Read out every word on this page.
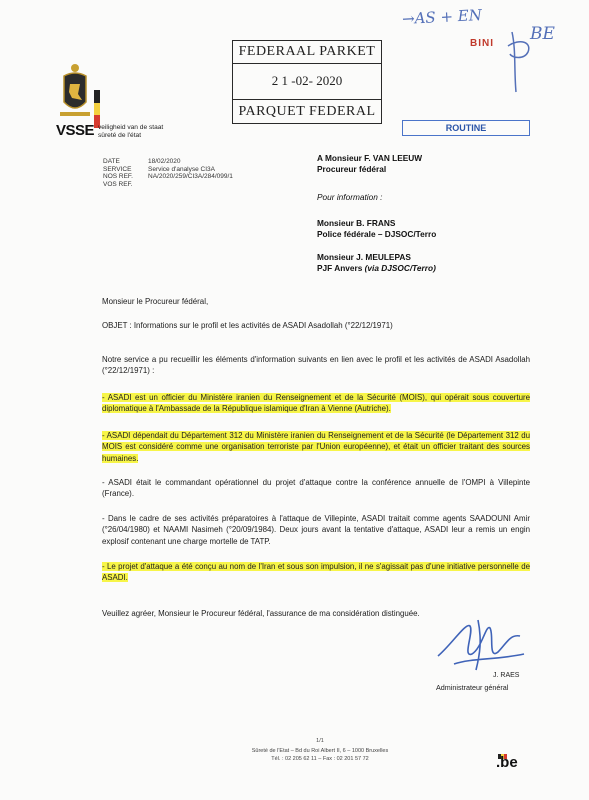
→AS + EN
BINI BE
FEDERAAL PARKET
2 1 -02- 2020
PARQUET FEDERAL
ROUTINE
VSSE veiligheid van de staat
sûreté de l'état
DATE	18/02/2020
SERVICE	Service d'analyse CI3A
NOS REF. NA/2020/259/CI3A/284/099/1
VOS REF.
A Monsieur F. VAN LEEUW
Procureur fédéral
Pour information :
Monsieur B. FRANS
Police fédérale – DJSOC/Terro
Monsieur J. MEULEPAS
PJF Anvers (via DJSOC/Terro)
Monsieur le Procureur fédéral,
OBJET : Informations sur le profil et les activités de ASADI Asadollah (°22/12/1971)
Notre service a pu recueillir les éléments d'information suivants en lien avec le profil et les activités de ASADI Asadollah (°22/12/1971) :
- ASADI est un officier du Ministère iranien du Renseignement et de la Sécurité (MOIS), qui opérait sous couverture diplomatique à l'Ambassade de la République islamique d'Iran à Vienne (Autriche).
- ASADI dépendait du Département 312 du Ministère iranien du Renseignement et de la Sécurité (le Département 312 du MOIS est considéré comme une organisation terroriste par l'Union européenne), et était un officier traitant des sources humaines.
- ASADI était le commandant opérationnel du projet d'attaque contre la conférence annuelle de l'OMPI à Villepinte (France).
- Dans le cadre de ses activités préparatoires à l'attaque de Villepinte, ASADI traitait comme agents SAADOUNI Amir (°26/04/1980) et NAAMI Nasimeh (°20/09/1984). Deux jours avant la tentative d'attaque, ASADI leur a remis un engin explosif contenant une charge mortelle de TATP.
- Le projet d'attaque a été conçu au nom de l'Iran et sous son impulsion, il ne s'agissait pas d'une initiative personnelle de ASADI.
Veuillez agréer, Monsieur le Procureur fédéral, l'assurance de ma considération distinguée.
J. RAES
Administrateur général
1/1
Sûreté de l'Etat – Bd du Roi Albert II, 6 – 1000 Bruxelles
Tél. : 02 205 62 11 – Fax : 02 201 57 72	.be
